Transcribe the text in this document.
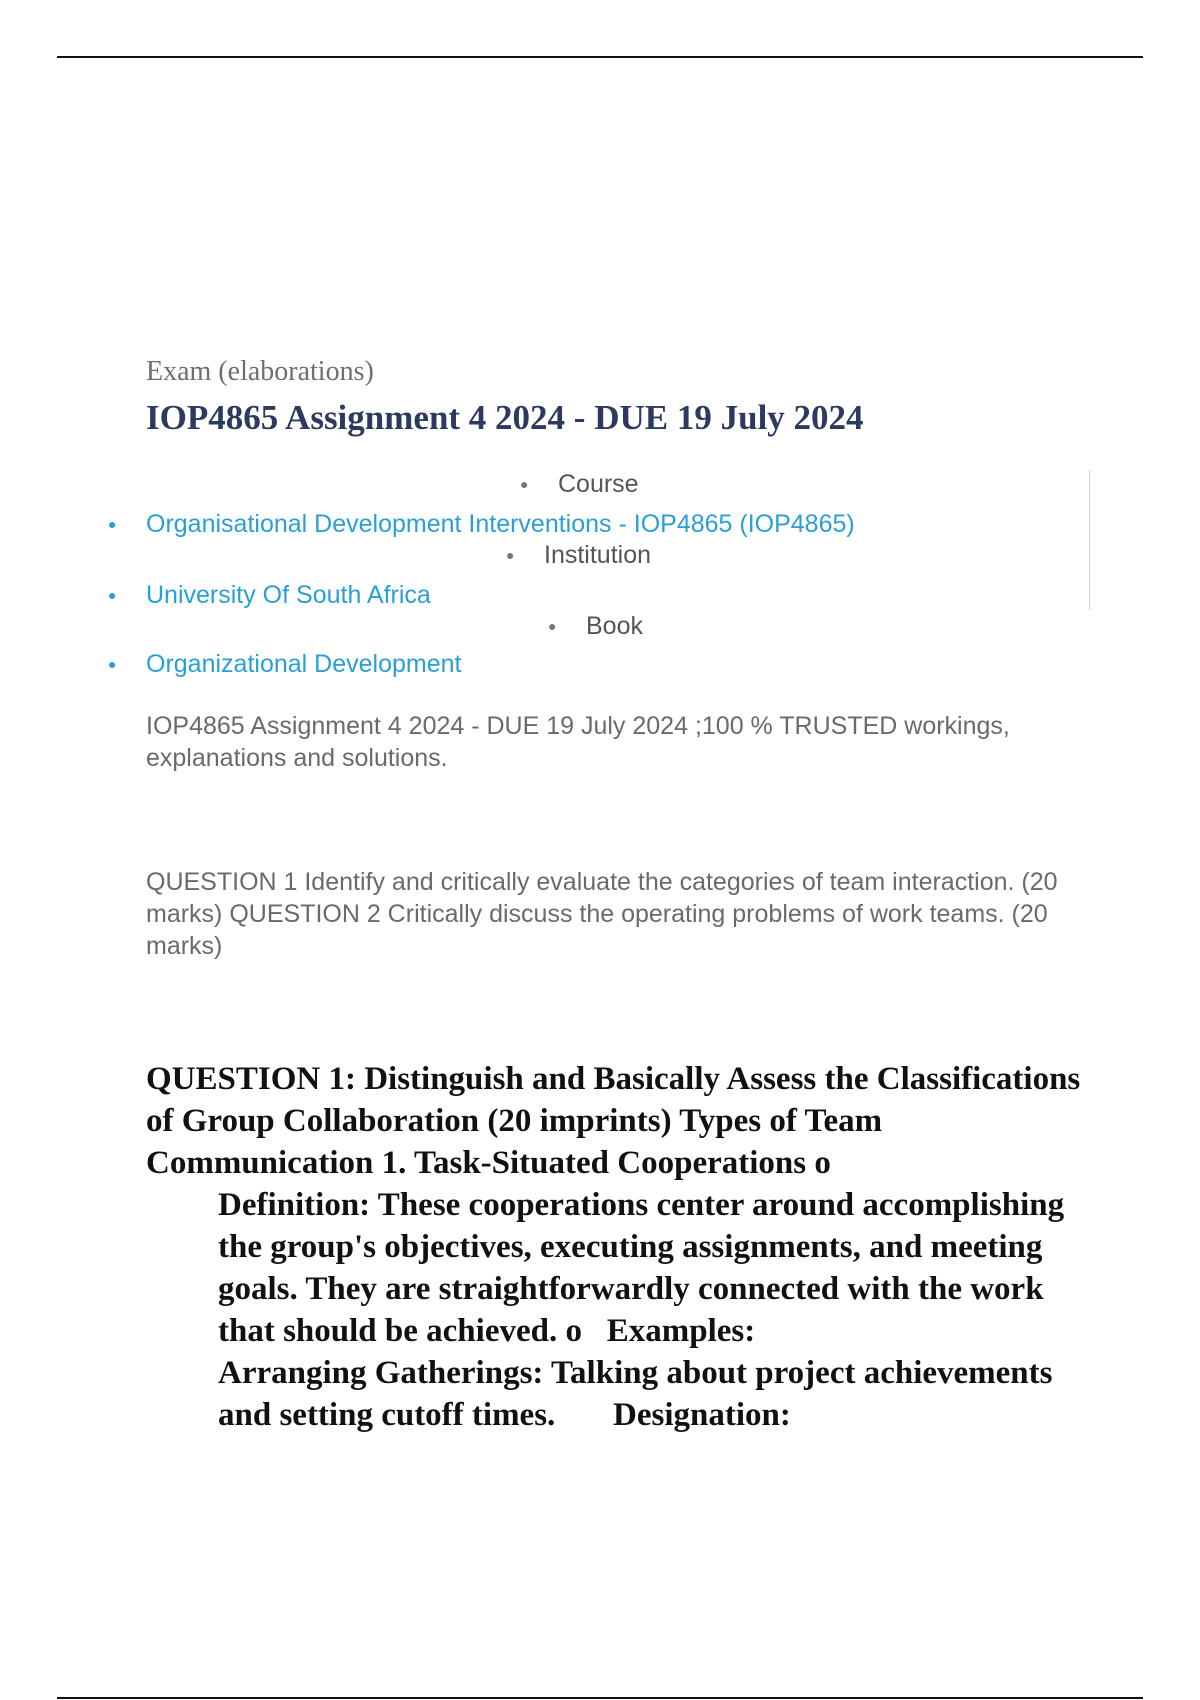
Exam (elaborations)
IOP4865 Assignment 4 2024 - DUE 19 July 2024
● Course
● Organisational Development Interventions - IOP4865 (IOP4865)
● Institution
● University Of South Africa
● Book
● Organizational Development

IOP4865 Assignment 4 2024 - DUE 19 July 2024 ;100 % TRUSTED workings, explanations and solutions.

QUESTION 1 Identify and critically evaluate the categories of team interaction. (20 marks) QUESTION 2 Critically discuss the operating problems of work teams. (20 marks)

QUESTION 1: Distinguish and Basically Assess the Classifications of Group Collaboration (20 imprints) Types of Team Communication 1. Task-Situated Cooperations o
Definition: These cooperations center around accomplishing the group's objectives, executing assignments, and meeting goals. They are straightforwardly connected with the work that should be achieved. o   Examples:
Arranging Gatherings: Talking about project achievements and setting cutoff times.       Designation:
